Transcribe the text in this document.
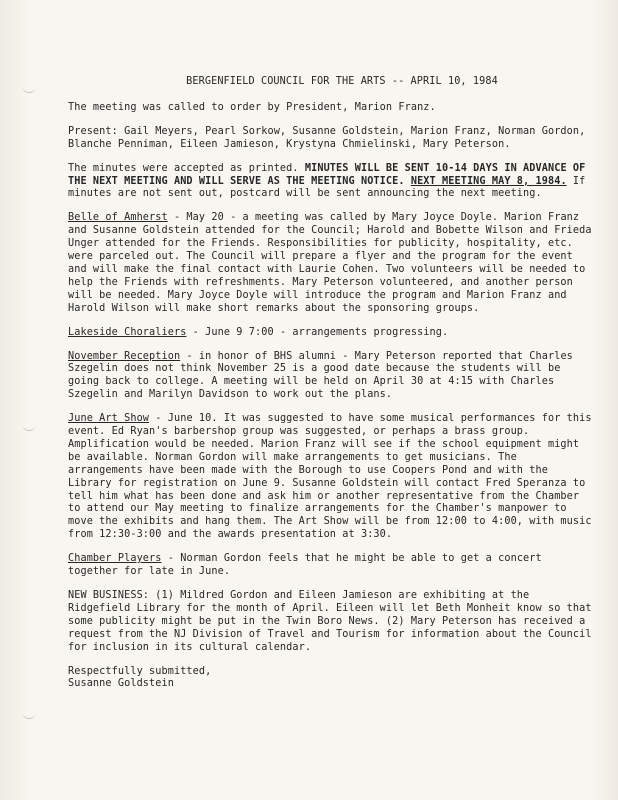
BERGENFIELD COUNCIL FOR THE ARTS -- APRIL 10, 1984

The meeting was called to order by President, Marion Franz.

Present: Gail Meyers, Pearl Sorkow, Susanne Goldstein, Marion Franz, Norman Gordon, Blanche Penniman, Eileen Jamieson, Krystyna Chmielinski, Mary Peterson.

The minutes were accepted as printed. MINUTES WILL BE SENT 10-14 DAYS IN ADVANCE OF THE NEXT MEETING AND WILL SERVE AS THE MEETING NOTICE. NEXT MEETING MAY 8, 1984. If minutes are not sent out, postcard will be sent announcing the next meeting.

Belle of Amherst - May 20 - a meeting was called by Mary Joyce Doyle. Marion Franz and Susanne Goldstein attended for the Council; Harold and Bobette Wilson and Frieda Unger attended for the Friends. Responsibilities for publicity, hospitality, etc. were parceled out. The Council will prepare a flyer and the program for the event and will make the final contact with Laurie Cohen. Two volunteers will be needed to help the Friends with refreshments. Mary Peterson volunteered, and another person will be needed. Mary Joyce Doyle will introduce the program and Marion Franz and Harold Wilson will make short remarks about the sponsoring groups.

Lakeside Choraliers - June 9 7:00 - arrangements progressing.

November Reception - in honor of BHS alumni - Mary Peterson reported that Charles Szegelin does not think November 25 is a good date because the students will be going back to college. A meeting will be held on April 30 at 4:15 with Charles Szegelin and Marilyn Davidson to work out the plans.

June Art Show - June 10. It was suggested to have some musical performances for this event. Ed Ryan's barbershop group was suggested, or perhaps a brass group. Amplification would be needed. Marion Franz will see if the school equipment might be available. Norman Gordon will make arrangements to get musicians. The arrangements have been made with the Borough to use Coopers Pond and with the Library for registration on June 9. Susanne Goldstein will contact Fred Speranza to tell him what has been done and ask him or another representative from the Chamber to attend our May meeting to finalize arrangements for the Chamber's manpower to move the exhibits and hang them. The Art Show will be from 12:00 to 4:00, with music from 12:30-3:00 and the awards presentation at 3:30.

Chamber Players - Norman Gordon feels that he might be able to get a concert together for late in June.

NEW BUSINESS: (1) Mildred Gordon and Eileen Jamieson are exhibiting at the Ridgefield Library for the month of April. Eileen will let Beth Monheit know so that some publicity might be put in the Twin Boro News. (2) Mary Peterson has received a request from the NJ Division of Travel and Tourism for information about the Council for inclusion in its cultural calendar.

Respectfully submitted,

Susanne Goldstein
